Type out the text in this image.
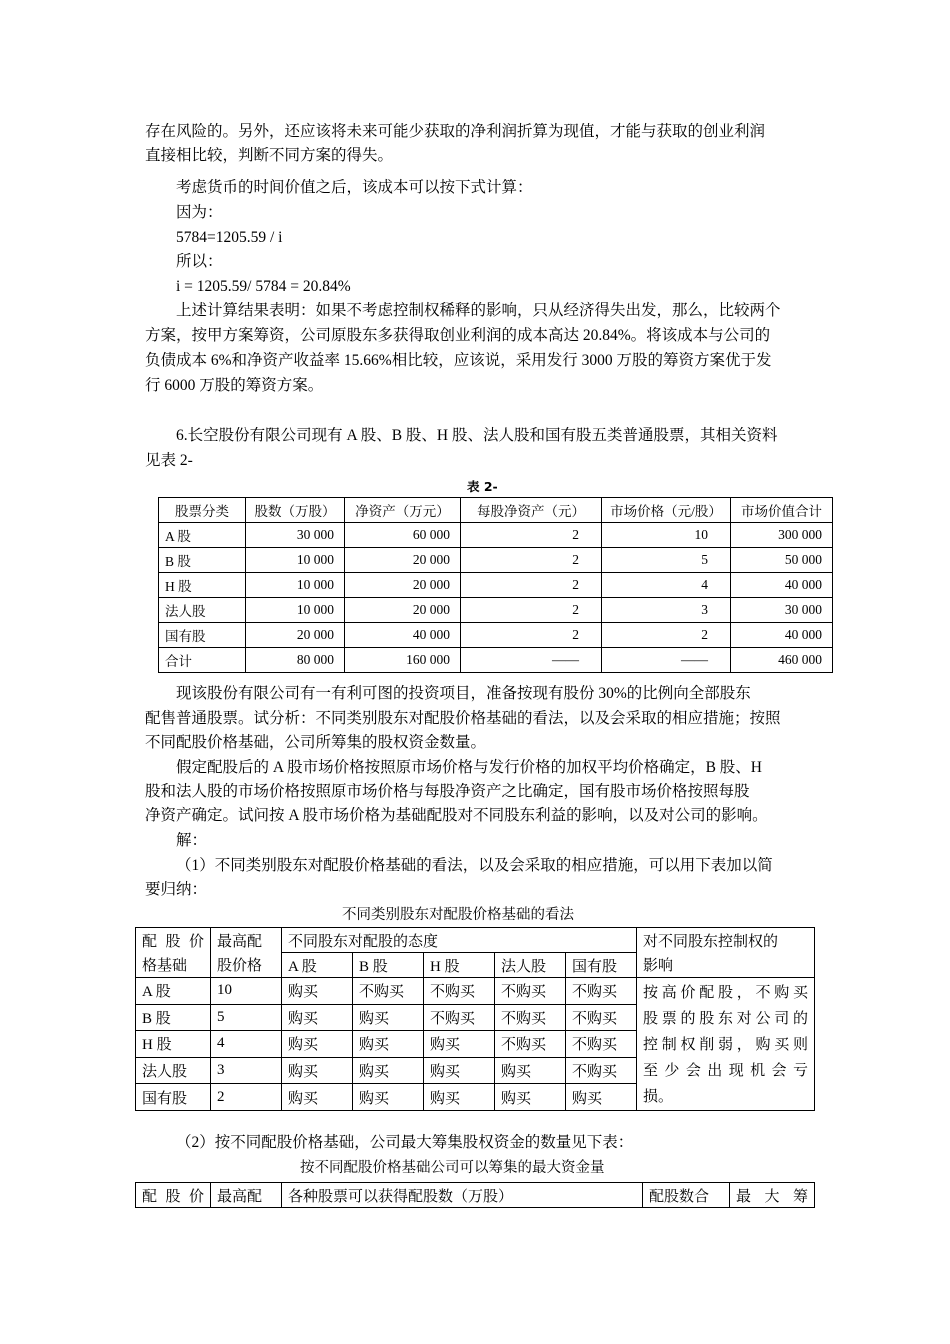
存在风险的。另外，还应该将未来可能少获取的净利润折算为现值，才能与获取的创业利润
直接相比较，判断不同方案的得失。
考虑货币的时间价值之后，该成本可以按下式计算：
因为：
5784=1205.59 / i
所以：
i = 1205.59/ 5784 = 20.84%
上述计算结果表明：如果不考虑控制权稀释的影响，只从经济得失出发，那么，比较两个
方案，按甲方案筹资，公司原股东多获得取创业利润的成本高达 20.84%。将该成本与公司的
负债成本 6%和净资产收益率 15.66%相比较，应该说，采用发行 3000 万股的筹资方案优于发
行 6000 万股的筹资方案。
6.长空股份有限公司现有 A 股、B 股、H 股、法人股和国有股五类普通股票，其相关资料
见表 2-
表 2-
股票分类	股数（万股）	净资产（万元）	每股净资产（元）	市场价格（元/股）	市场价值合计
A 股	30 000	60 000	2	10	300 000
B 股	10 000	20 000	2	5	50 000
H 股	10 000	20 000	2	4	40 000
法人股	10 000	20 000	2	3	30 000
国有股	20 000	40 000	2	2	40 000
合计	80 000	160 000	——	——	460 000
现该股份有限公司有一有利可图的投资项目，准备按现有股份 30%的比例向全部股东
配售普通股票。试分析：不同类别股东对配股价格基础的看法，以及会采取的相应措施；按照
不同配股价格基础，公司所筹集的股权资金数量。
假定配股后的 A 股市场价格按照原市场价格与发行价格的加权平均价格确定，B 股、H
股和法人股的市场价格按照原市场价格与每股净资产之比确定，国有股市场价格按照每股
净资产确定。试问按 A 股市场价格为基础配股对不同股东利益的影响，以及对公司的影响。
解：
（1）不同类别股东对配股价格基础的看法，以及会采取的相应措施，可以用下表加以简
要归纳：
不同类别股东对配股价格基础的看法
配 股 价	最高配	不同股东对配股的态度					对不同股东控制权的
格基础	股价格	A 股	B 股	H 股	法人股	国有股	影响
A 股	10	购买	不购买	不购买	不购买	不购买	按高价配股，不购买
股票的股东对公司的
控制权削弱，购买则
至少会出现机会亏
损。

B 股	5	购买	购买	不购买	不购买	不购买	
H 股	4	购买	购买	购买	不购买	不购买	
法人股	3	购买	购买	购买	购买	不购买	
国有股	2	购买	购买	购买	购买	购买	
（2）按不同配股价格基础，公司最大筹集股权资金的数量见下表：
按不同配股价格基础公司可以筹集的最大资金量
配 股 价	最高配	各种股票可以获得配股数（万股）	配股数合	最 大 筹
